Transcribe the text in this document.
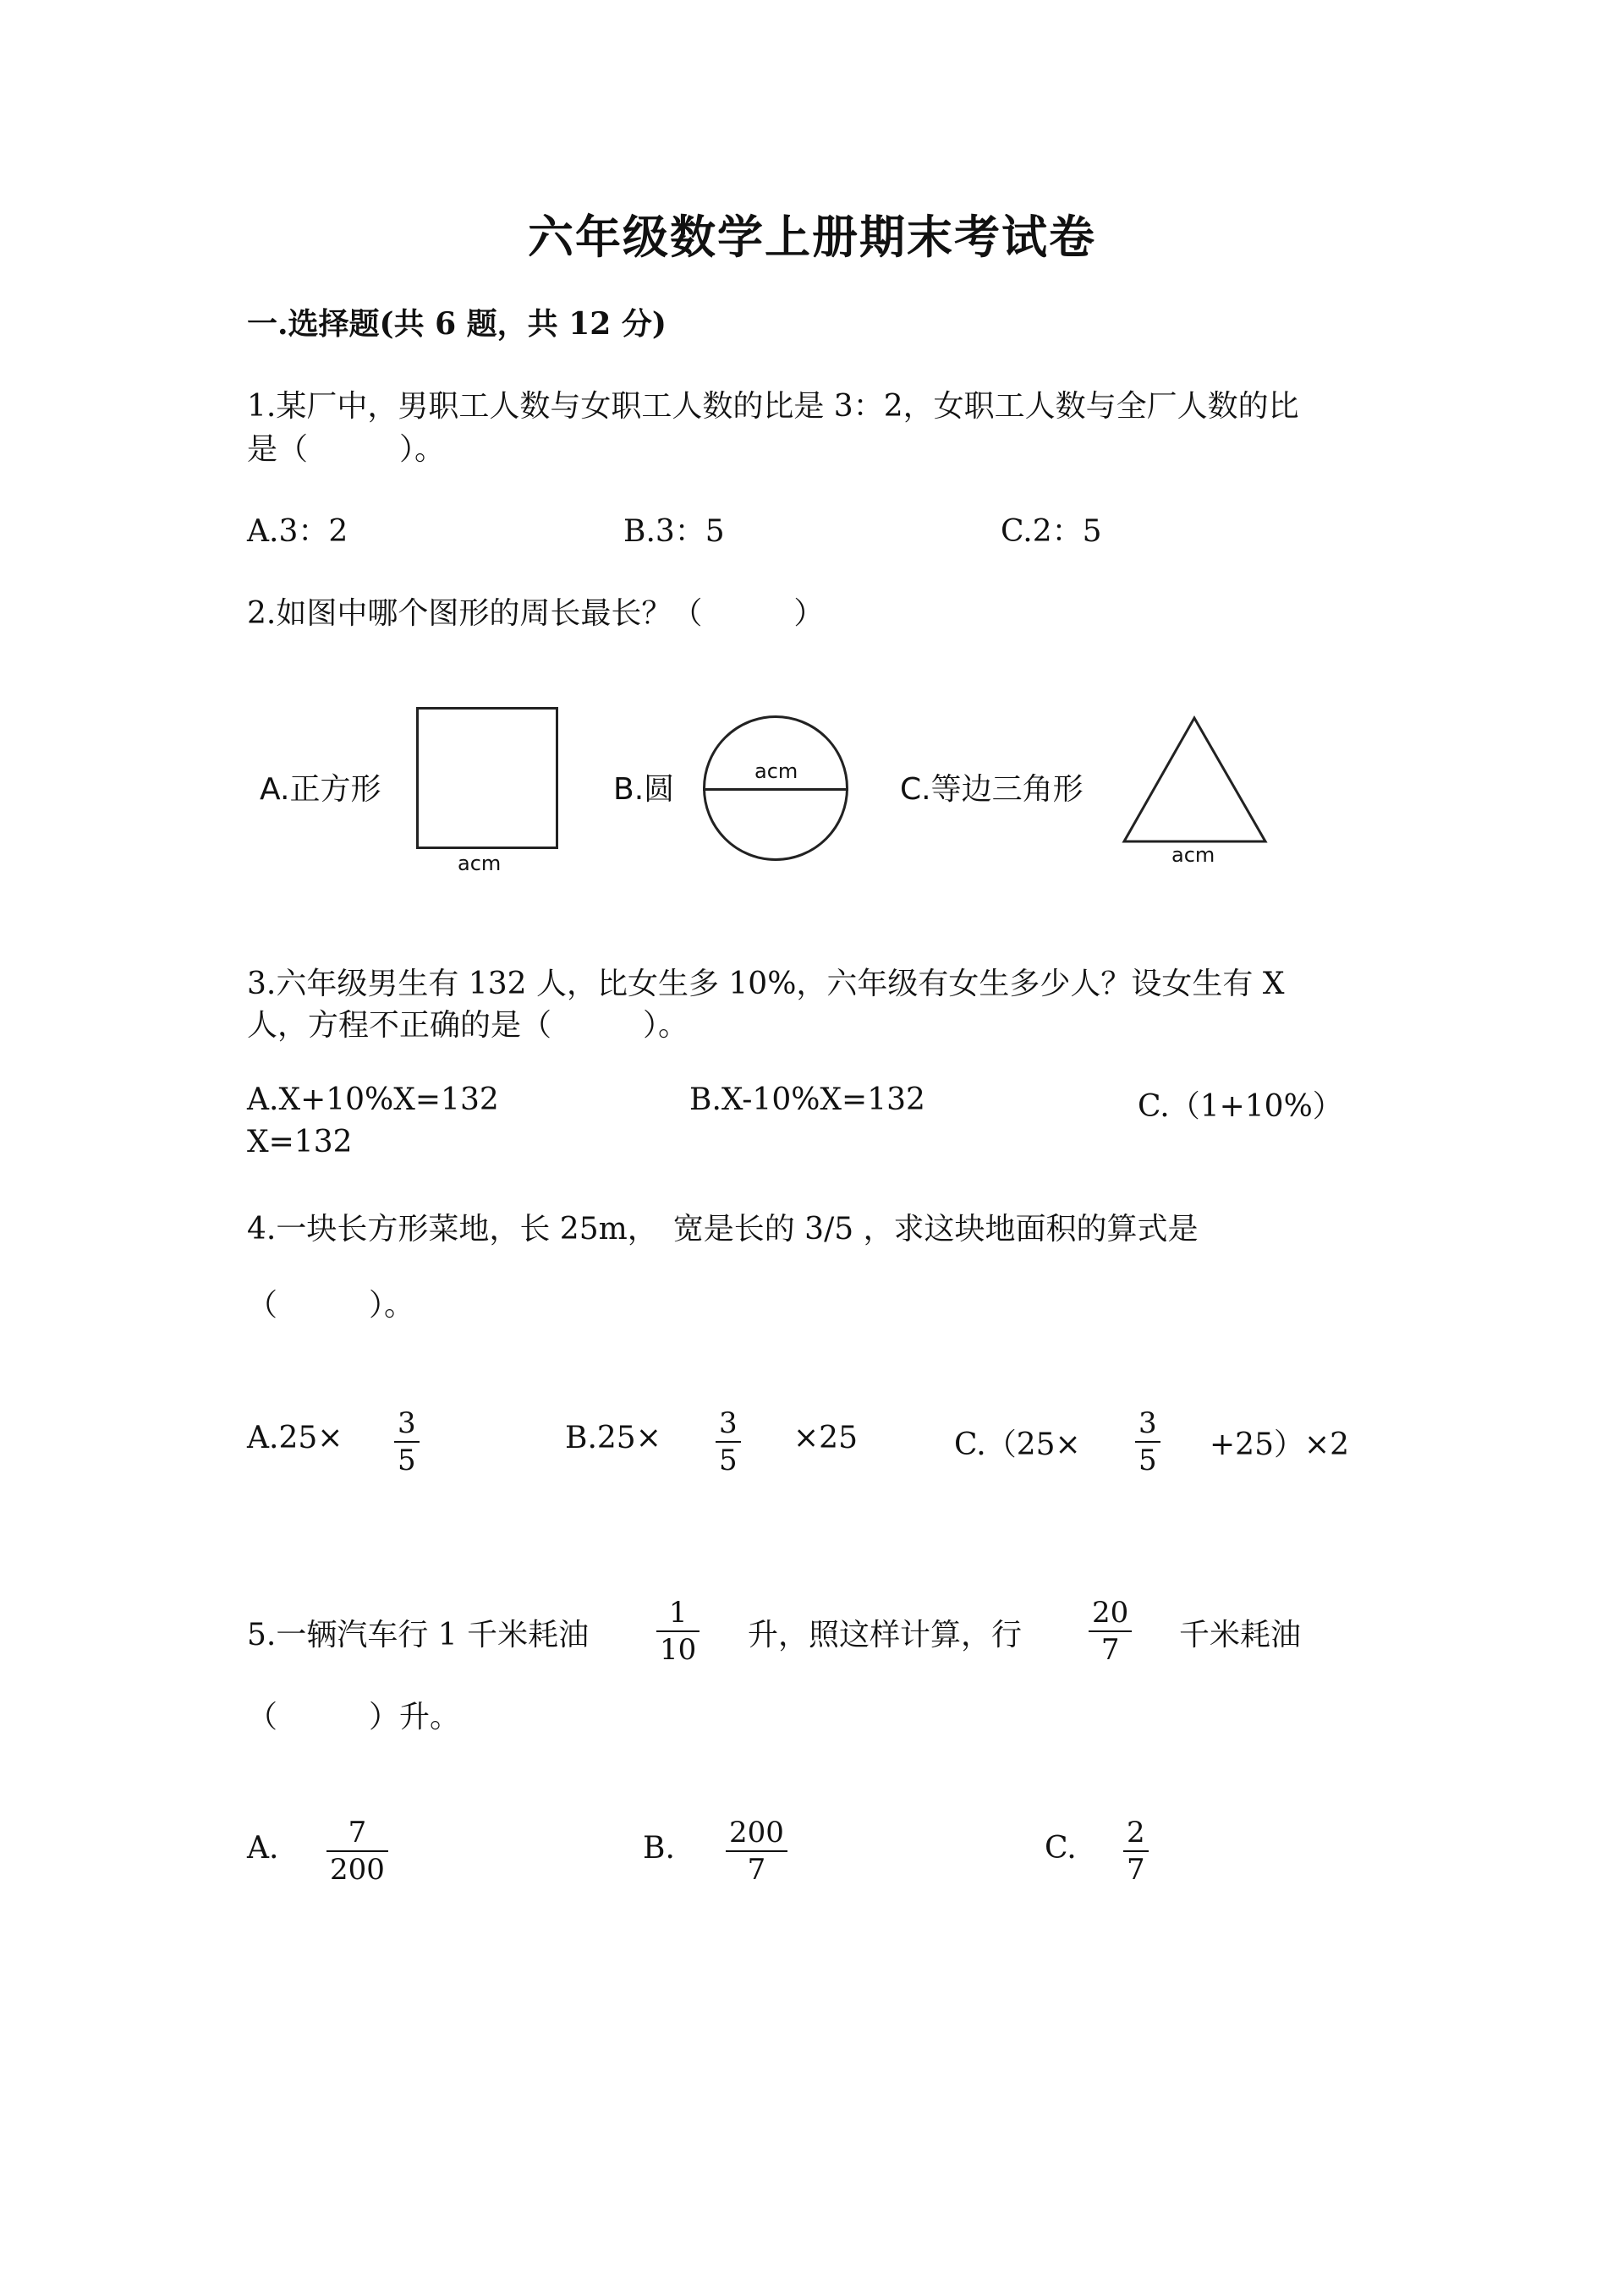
六年级数学上册期末考试卷
一.选择题(共 6 题，共 12 分)
1.某厂中，男职工人数与女职工人数的比是 3：2，女职工人数与全厂人数的比
是（　　　）。
A.3：2	B.3：5	C.2：5
2.如图中哪个图形的周长最长？（　　　）
A.正方形
acm
B.圆
acm
C.等边三角形
acm
3.六年级男生有 132 人，比女生多 10%，六年级有女生多少人？设女生有 X
人，方程不正确的是（　　　）。
A.X+10%X=132	B.X-10%X=132	C.（1+10%）
X=132
4.一块长方形菜地，长 25m，　宽是长的 3/5 ，求这块地面积的算式是
（　　　）。
A.25× 3
5
B.25× 3
5
×25	C.（25×
3
5 +25）×2
5.一辆汽车行 1 千米耗油
1
10 升，照这样计算，行
20
7 千米耗油
（　　　）升。
A. 7
200
B. 200
7
C. 2
7
